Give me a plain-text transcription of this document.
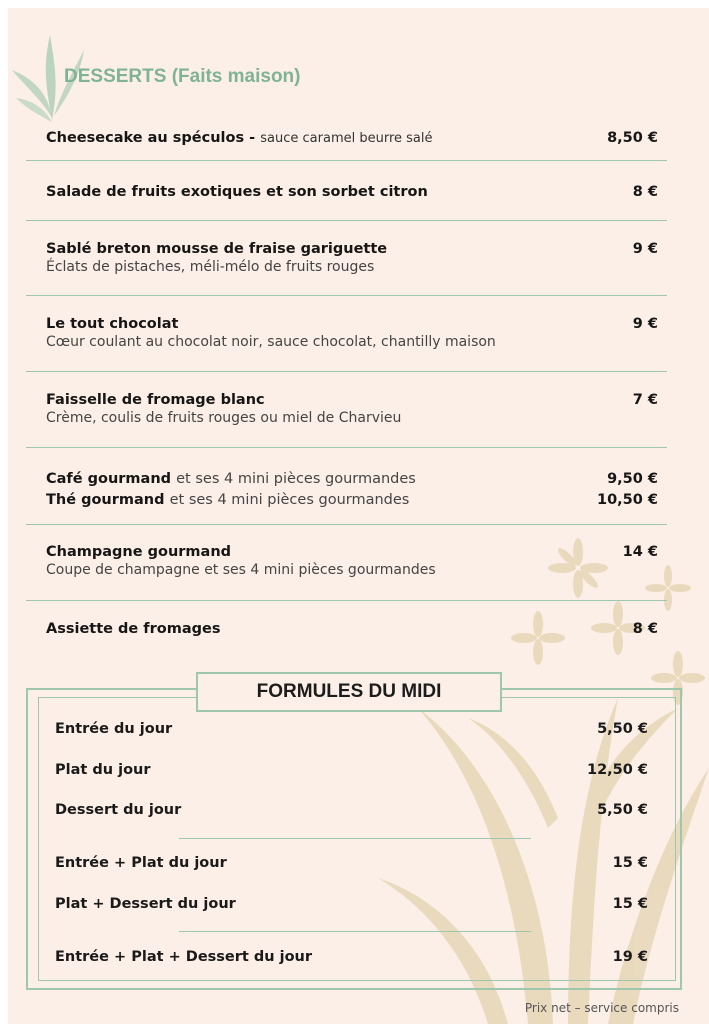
DESSERTS (Faits maison)
Cheesecake au spéculos - sauce caramel beurre salé	8,50 €
Salade de fruits exotiques et son sorbet citron	8 €
Sablé breton mousse de fraise gariguette	9 €
Éclats de pistaches, méli-mélo de fruits rouges
Le tout chocolat	9 €
Cœur coulant au chocolat noir, sauce chocolat, chantilly maison
Faisselle de fromage blanc	7 €
Crème, coulis de fruits rouges ou miel de Charvieu
Café gourmand et ses 4 mini pièces gourmandes	9,50 €
Thé gourmand et ses 4 mini pièces gourmandes	10,50 €
Champagne gourmand	14 €
Coupe de champagne et ses 4 mini pièces gourmandes
Assiette de fromages	8 €
FORMULES DU MIDI
Entrée du jour	5,50 €
Plat du jour	12,50 €
Dessert du jour	5,50 €
Entrée + Plat du jour	15 €
Plat + Dessert du jour	15 €
Entrée + Plat + Dessert du jour	19 €
Prix net – service compris
